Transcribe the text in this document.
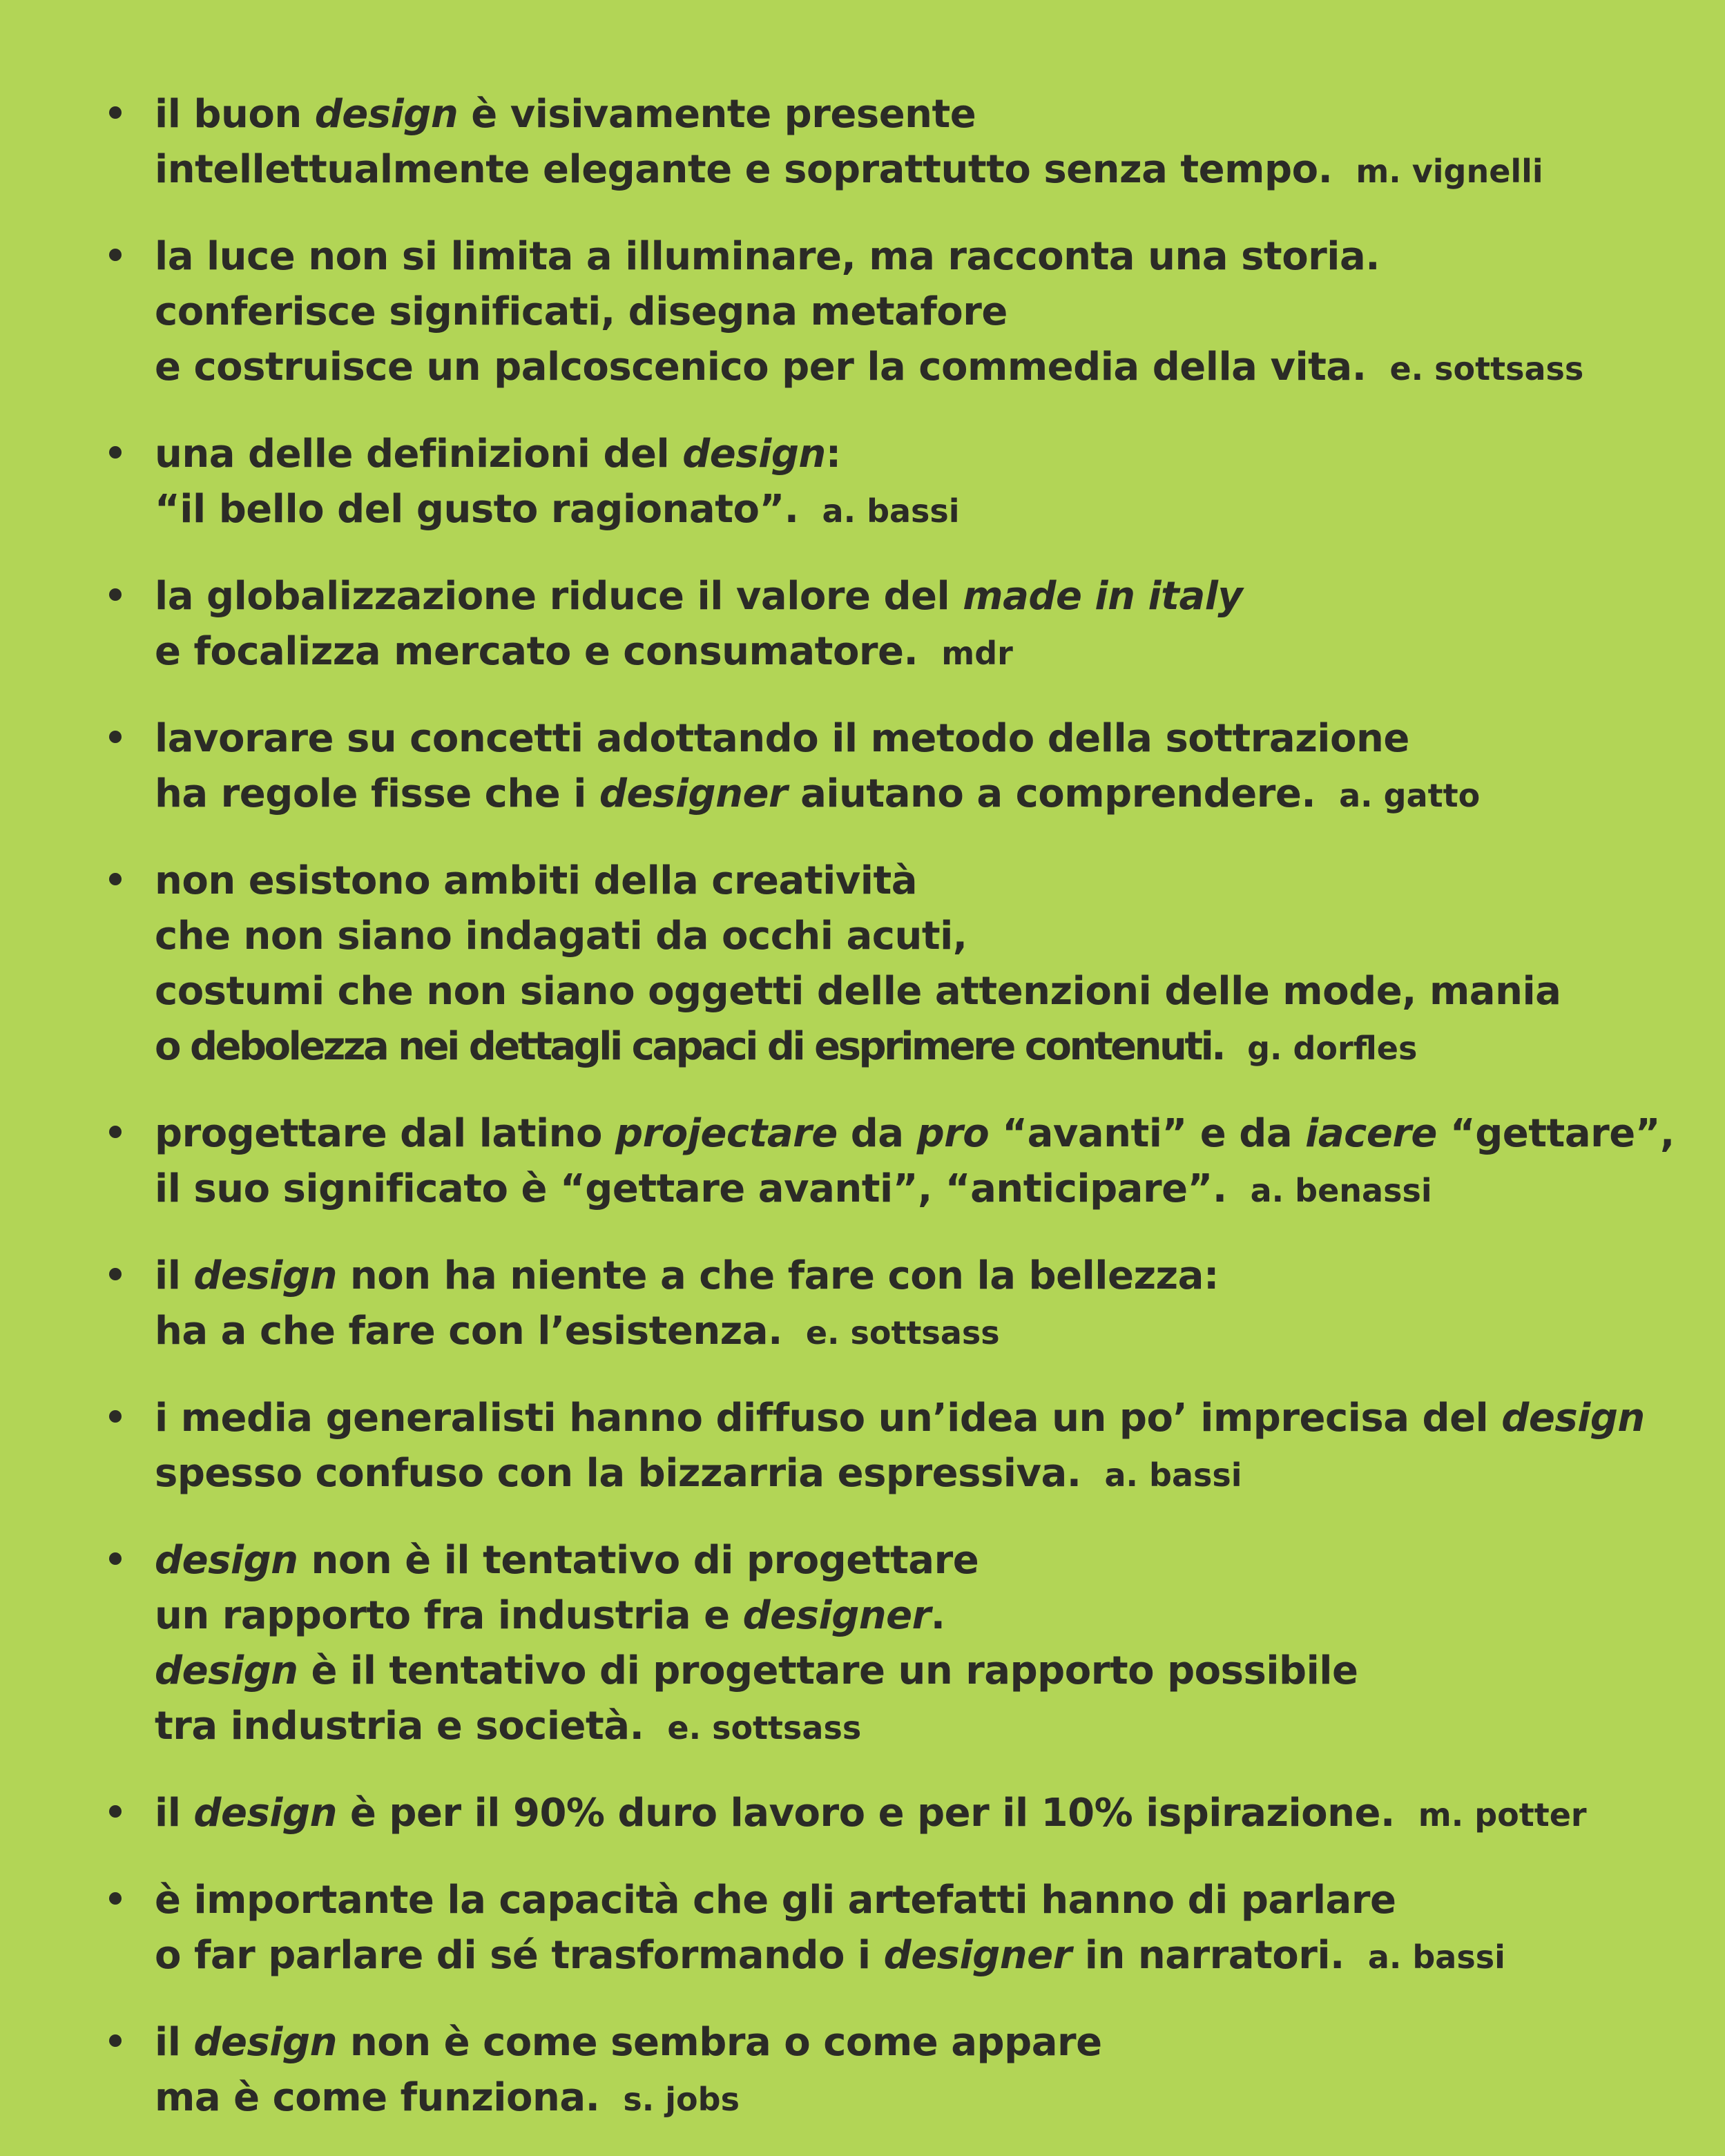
il buon design è visivamente presente
intellettualmente elegante e soprattutto senza tempo. m. vignelli
la luce non si limita a illuminare, ma racconta una storia.
conferisce significati, disegna metafore
e costruisce un palcoscenico per la commedia della vita. e. sottsass
una delle definizioni del design:
“il bello del gusto ragionato”. a. bassi
la globalizzazione riduce il valore del made in italy
e focalizza mercato e consumatore. mdr
lavorare su concetti adottando il metodo della sottrazione
ha regole fisse che i designer aiutano a comprendere. a. gatto
non esistono ambiti della creatività
che non siano indagati da occhi acuti,
costumi che non siano oggetti delle attenzioni delle mode, mania
o debolezza nei dettagli capaci di esprimere contenuti. g. dorfles
progettare dal latino projectare da pro “avanti” e da iacere “gettare”,
il suo significato è “gettare avanti”, “anticipare”. a. benassi
il design non ha niente a che fare con la bellezza:
ha a che fare con l’esistenza. e. sottsass
i media generalisti hanno diffuso un’idea un po’ imprecisa del design
spesso confuso con la bizzarria espressiva. a. bassi
design non è il tentativo di progettare
un rapporto fra industria e designer.
design è il tentativo di progettare un rapporto possibile
tra industria e società. e. sottsass
il design è per il 90% duro lavoro e per il 10% ispirazione. m. potter
è importante la capacità che gli artefatti hanno di parlare
o far parlare di sé trasformando i designer in narratori. a. bassi
il design non è come sembra o come appare
ma è come funziona. s. jobs
